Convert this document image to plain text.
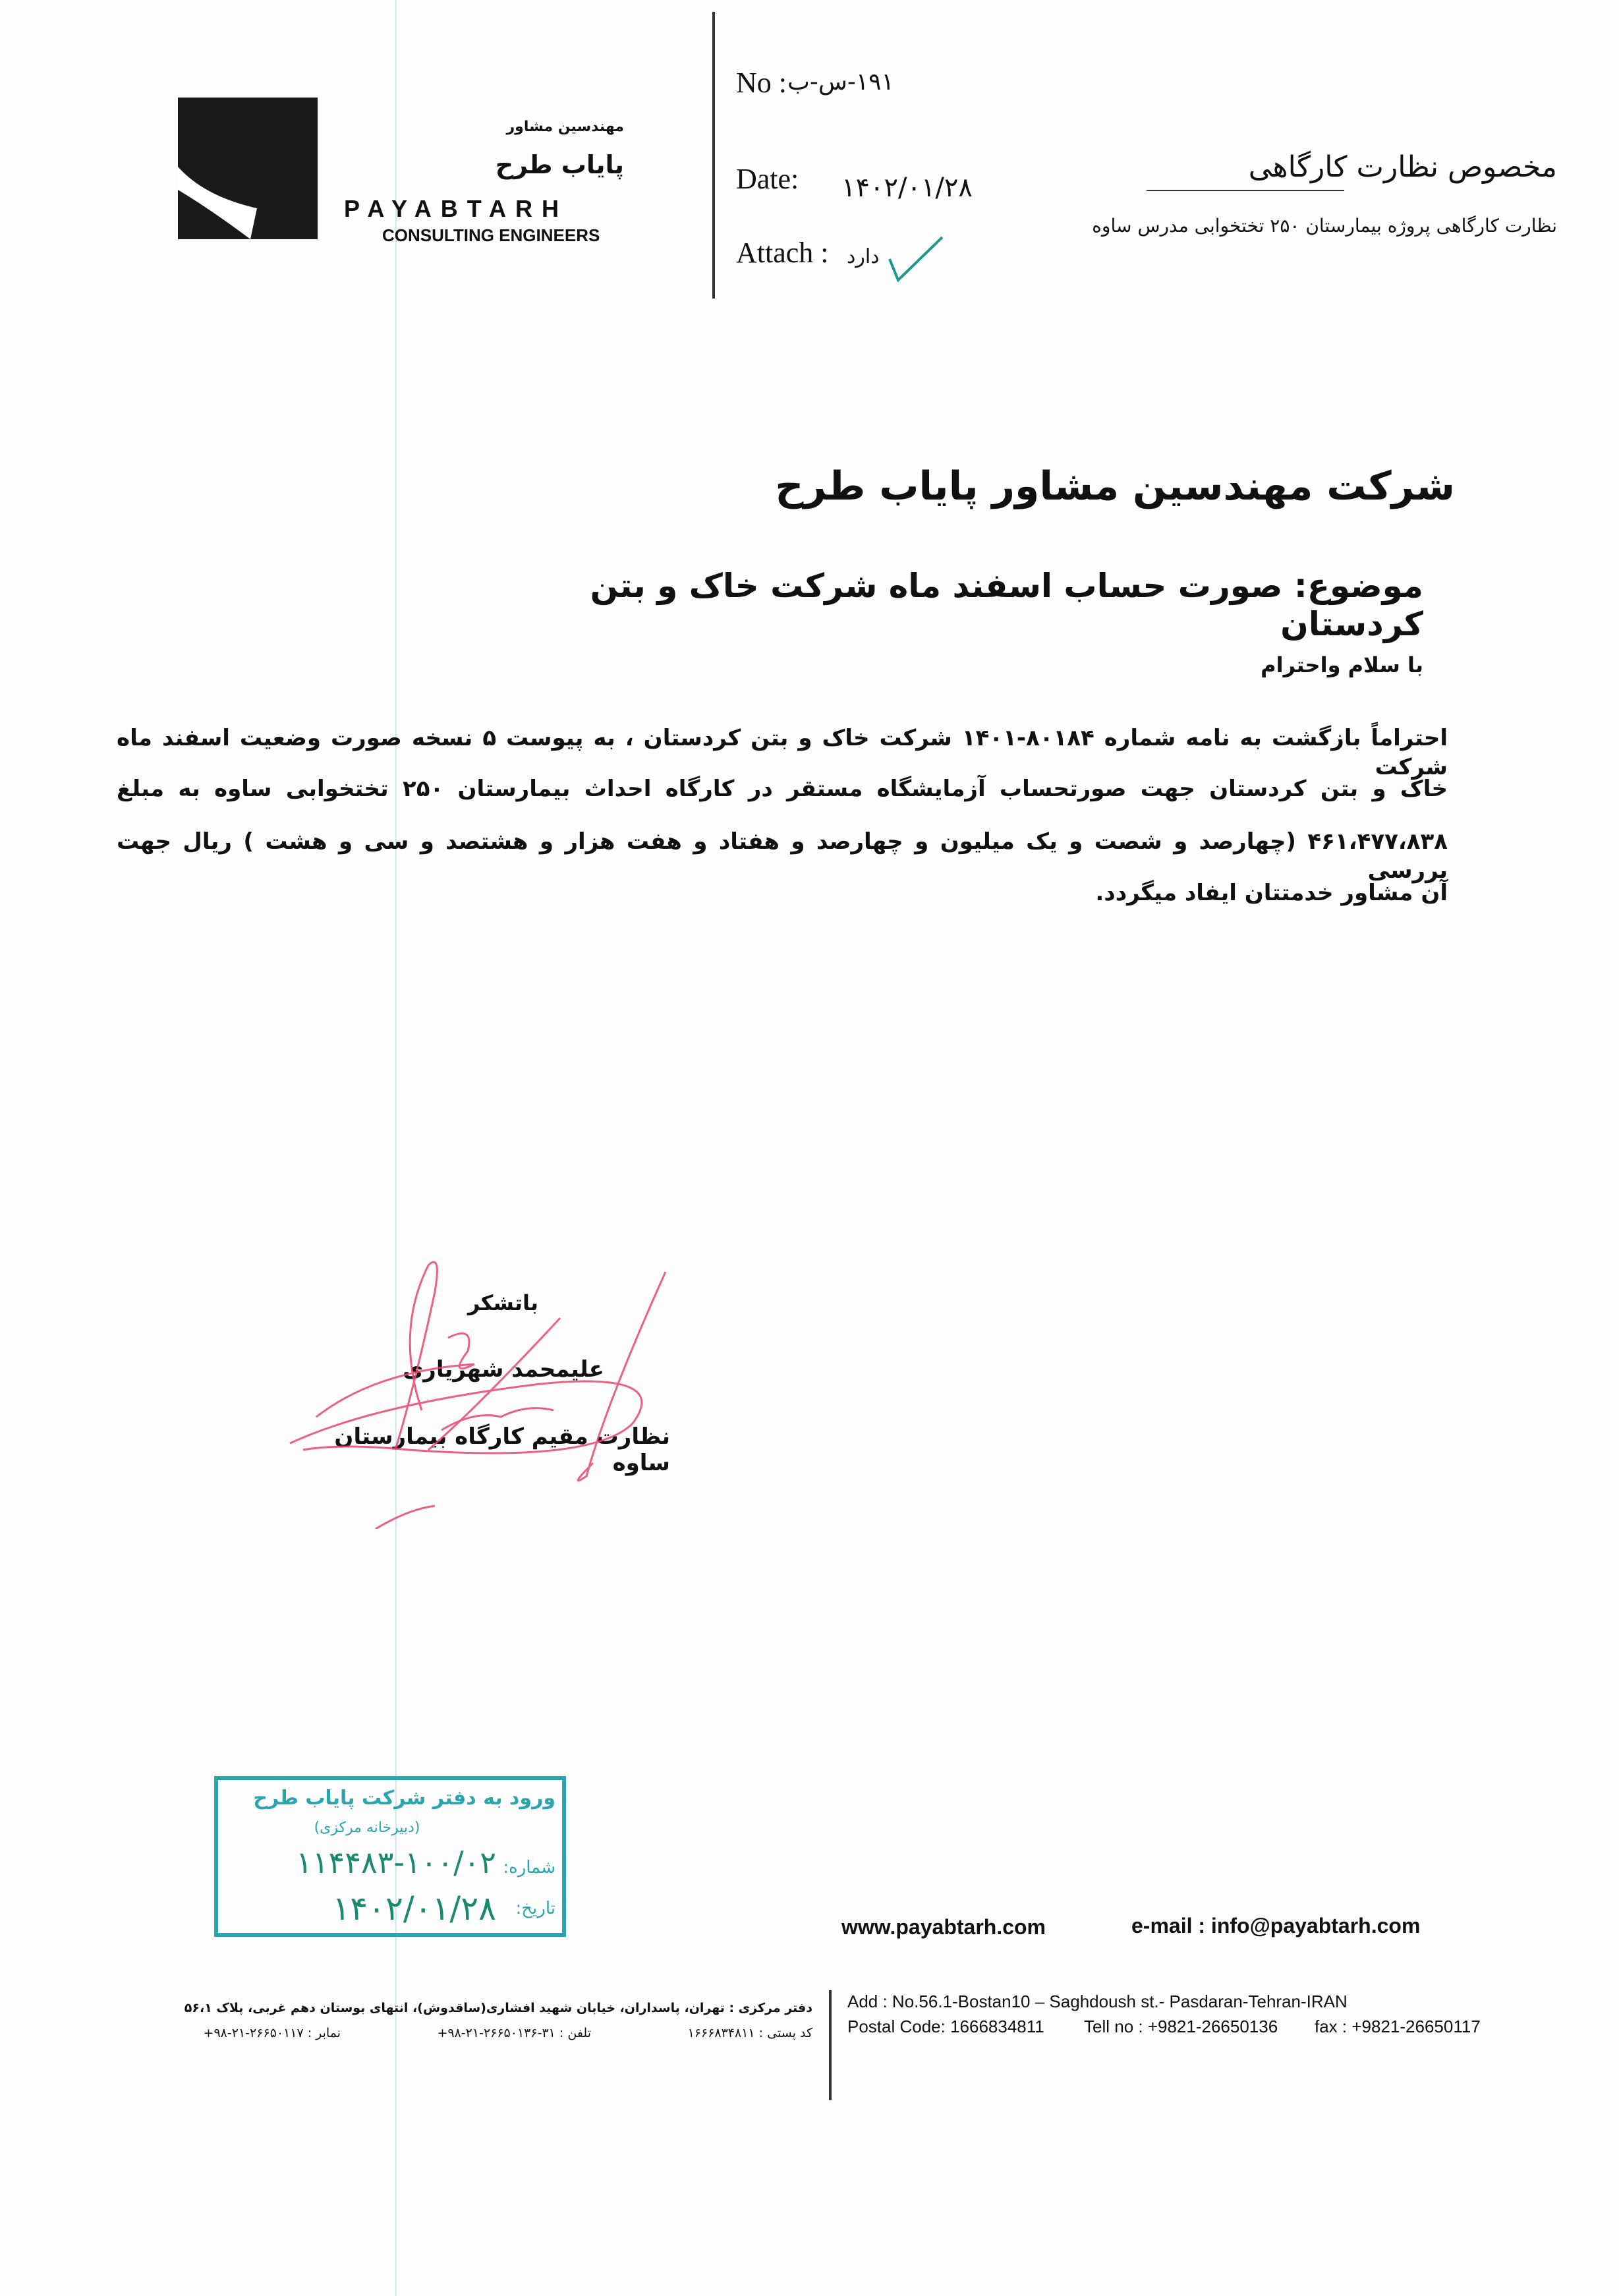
مهندسین مشاور
پایاب طرح
PAYABTARH
CONSULTING ENGINEERS
No : ۱۹۱-س-ب
Date: ۱۴۰۲/۰۱/۲۸
Attach : دارد
مخصوص نظارت کارگاهی
نظارت کارگاهی پروژه بیمارستان ۲۵۰ تختخوابی مدرس ساوه
شرکت مهندسین مشاور پایاب طرح
موضوع: صورت حساب اسفند ماه شرکت خاک و بتن کردستان
با سلام واحترام
احتراماً بازگشت به نامه شماره ۸۰۱۸۴-۱۴۰۱ شرکت خاک و بتن کردستان ، به پیوست ۵ نسخه صورت وضعیت اسفند ماه شرکت
خاک و بتن کردستان جهت صورتحساب آزمایشگاه مستقر در کارگاه احداث بیمارستان ۲۵۰ تختخوابی ساوه به مبلغ
۴۶۱،۴۷۷،۸۳۸ (چهارصد و شصت و یک میلیون و چهارصد و هفتاد و هفت هزار و هشتصد و سی و هشت ) ریال جهت بررسی
آن مشاور خدمتتان ایفاد میگردد.
باتشکر
علیمحمد شهریاری
نظارت مقیم کارگاه بیمارستان ساوه
ورود به دفتر شرکت پایاب طرح
(دبیرخانه مرکزی)
شماره:
۱۱۴۴۸۳-۱۰۰/۰۲
تاریخ:
۱۴۰۲/۰۱/۲۸	www.payabtarh.com	e-mail : info@payabtarh.com
Add : No.56.1-Bostan10 – Saghdoush st.- Pasdaran-Tehran-IRAN
Postal Code: 1666834811 Tell no : +9821-26650136 fax : +9821-26650117
دفتر مرکزی : تهران، پاسداران، خیابان شهید افشاری(ساقدوش)، انتهای بوستان دهم غربی، پلاک ۵۶،۱
کد پستی : ۱۶۶۶۸۳۴۸۱۱
تلفن : ۳۱-۲۶۶۵۰۱۳۶-۲۱-۹۸+
نمابر : ۲۶۶۵۰۱۱۷-۲۱-۹۸+
